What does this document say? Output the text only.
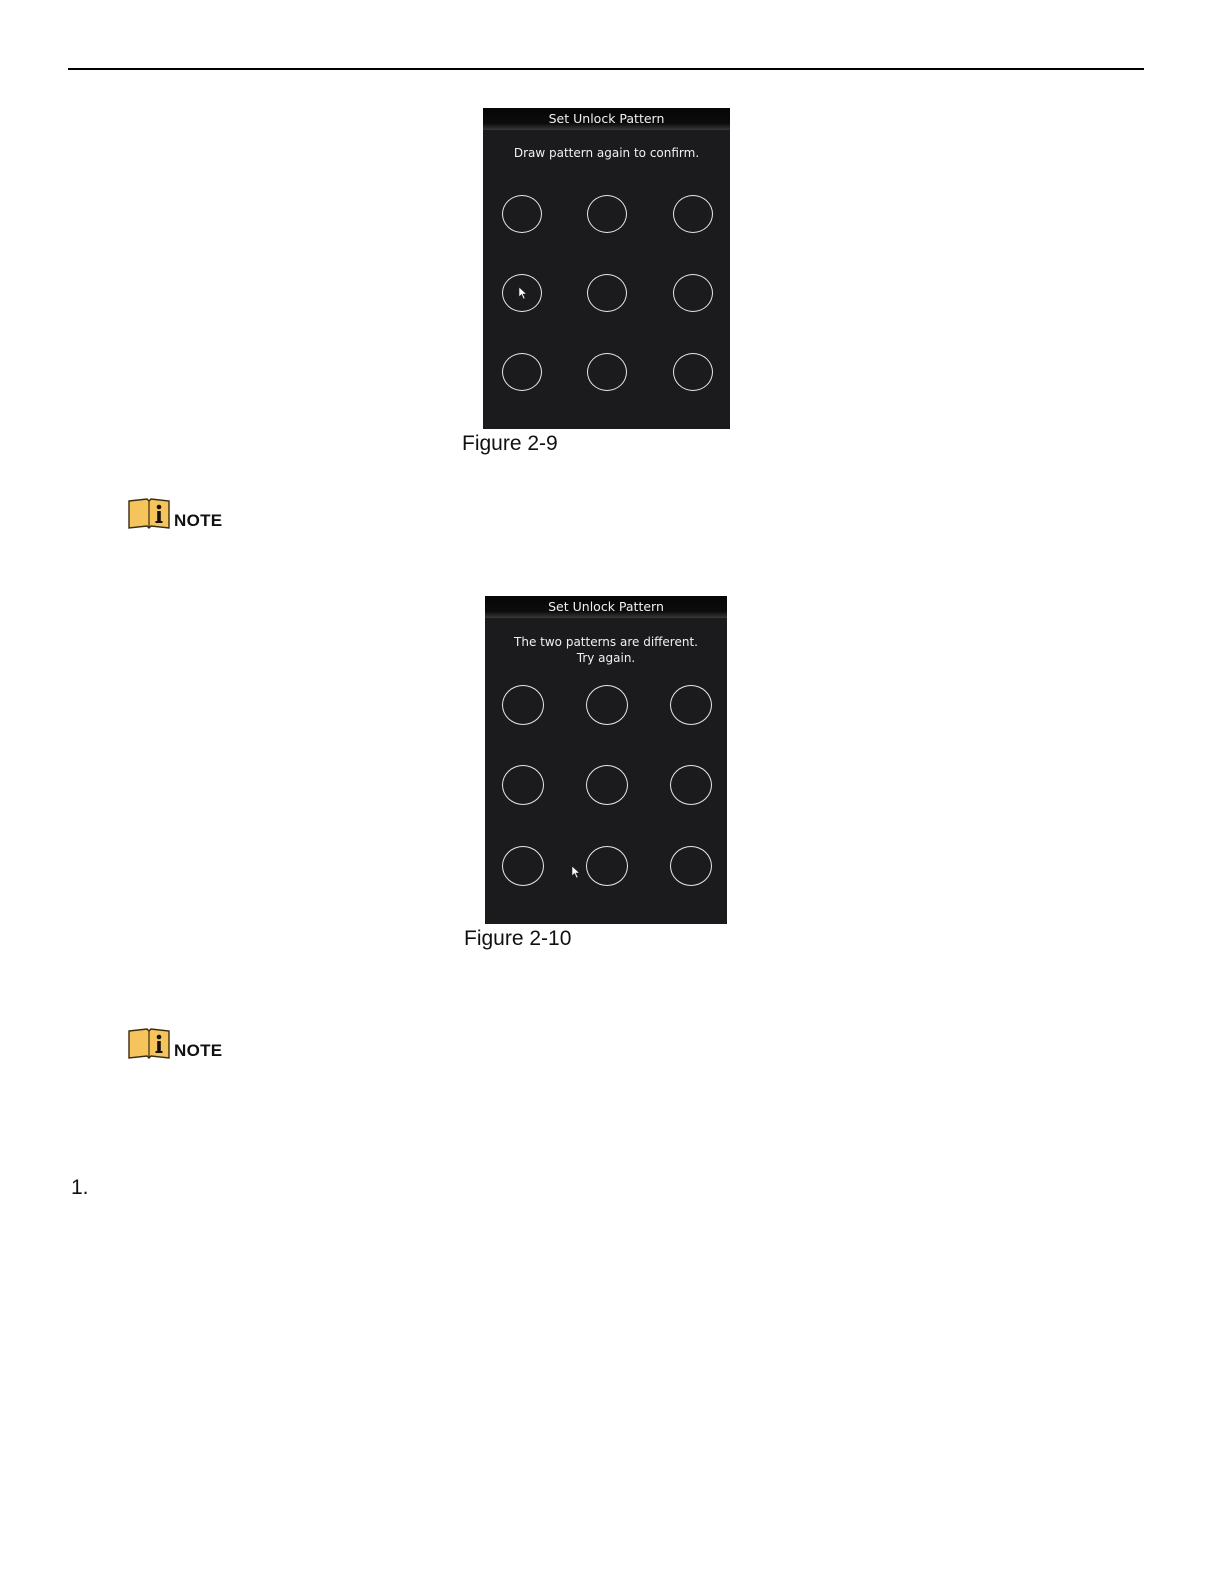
Set Unlock Pattern
Draw pattern again to confirm.
Figure 2-9
NOTE
Set Unlock Pattern
The two patterns are different. Try again.
Figure 2-10
NOTE
1.
